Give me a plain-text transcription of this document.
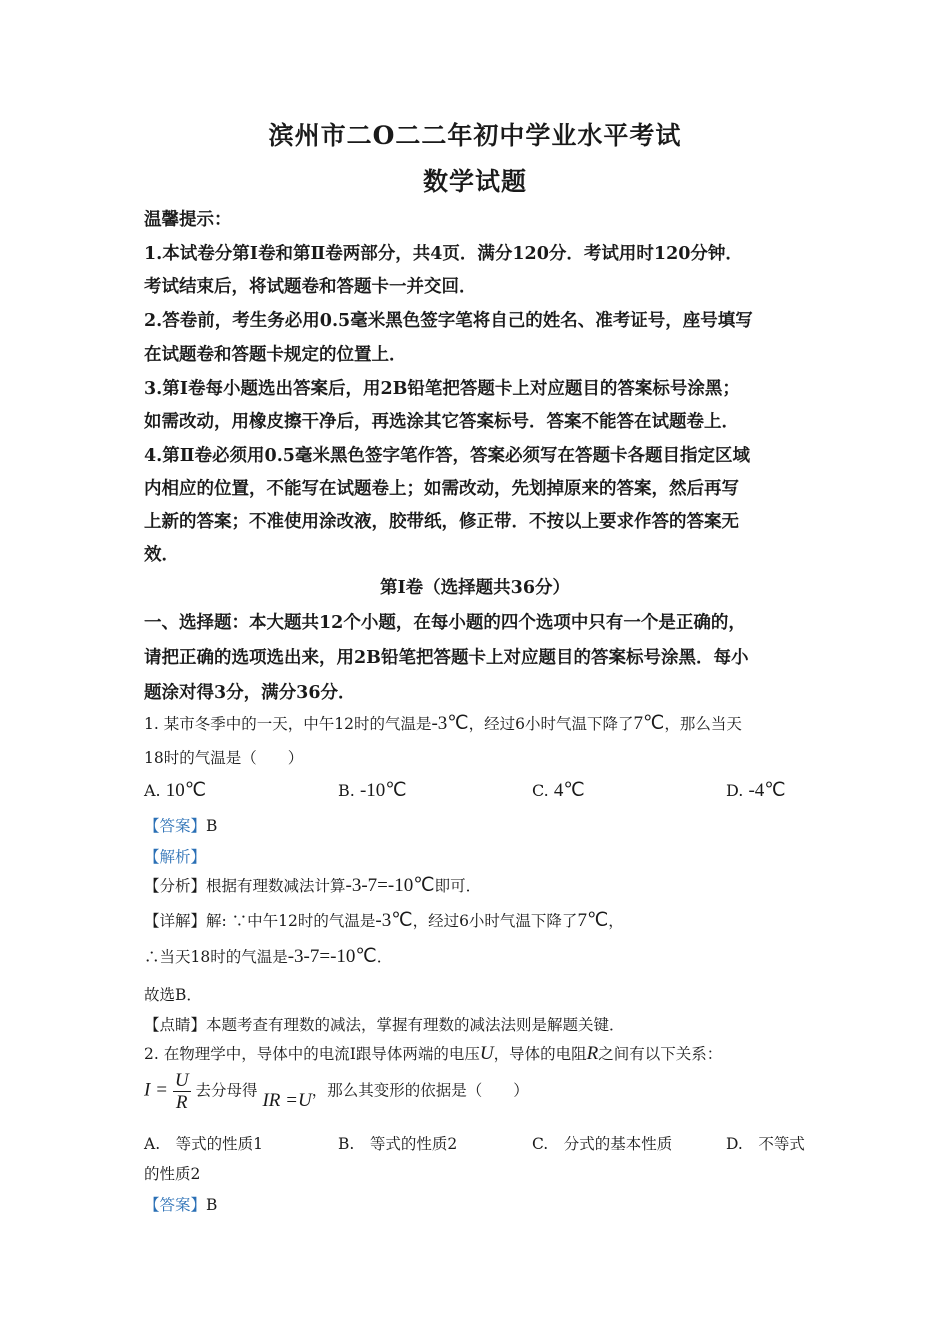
滨州市二O二二年初中学业水平考试
数学试题
温馨提示：
1.本试卷分第Ⅰ卷和第Ⅱ卷两部分，共4页．满分120分．考试用时120分钟．
考试结束后，将试题卷和答题卡一并交回．
2.答卷前，考生务必用0.5毫米黑色签字笔将自己的姓名、准考证号，座号填写
在试题卷和答题卡规定的位置上．
3.第Ⅰ卷每小题选出答案后，用2B铅笔把答题卡上对应题目的答案标号涂黑；
如需改动，用橡皮擦干净后，再选涂其它答案标号．答案不能答在试题卷上．
4.第Ⅱ卷必须用0.5毫米黑色签字笔作答，答案必须写在答题卡各题目指定区域
内相应的位置，不能写在试题卷上；如需改动，先划掉原来的答案，然后再写
上新的答案；不准使用涂改液，胶带纸，修正带．不按以上要求作答的答案无
效．
第Ⅰ卷（选择题共36分）
一、选择题：本大题共12个小题，在每小题的四个选项中只有一个是正确的，
请把正确的选项选出来，用2B铅笔把答题卡上对应题目的答案标号涂黑．每小
题涂对得3分，满分36分．
1. 某市冬季中的一天，中午12时的气温是-3℃，经过6小时气温下降了7℃，那么当天
18时的气温是（　　）
A. 10℃	B. -10℃	C. 4℃	D. -4℃
【答案】B
【解析】
【分析】根据有理数减法计算-3-7=-10℃即可．
【详解】解: ∵中午12时的气温是-3℃，经过6小时气温下降了7℃，
∴当天18时的气温是-3-7=-10℃．
故选B．
【点睛】本题考查有理数的减法，掌握有理数的减法法则是解题关键．
2. 在物理学中，导体中的电流Ⅰ跟导体两端的电压U，导体的电阻R之间有以下关系：
$I = \frac{U}{R}$ 去分母得 IR =U，那么其变形的依据是（　　）
A.　 等式的性质1	B.　 等式的性质2	C.　 分式的基本性质	D.　 不等式
的性质2
【答案】B
